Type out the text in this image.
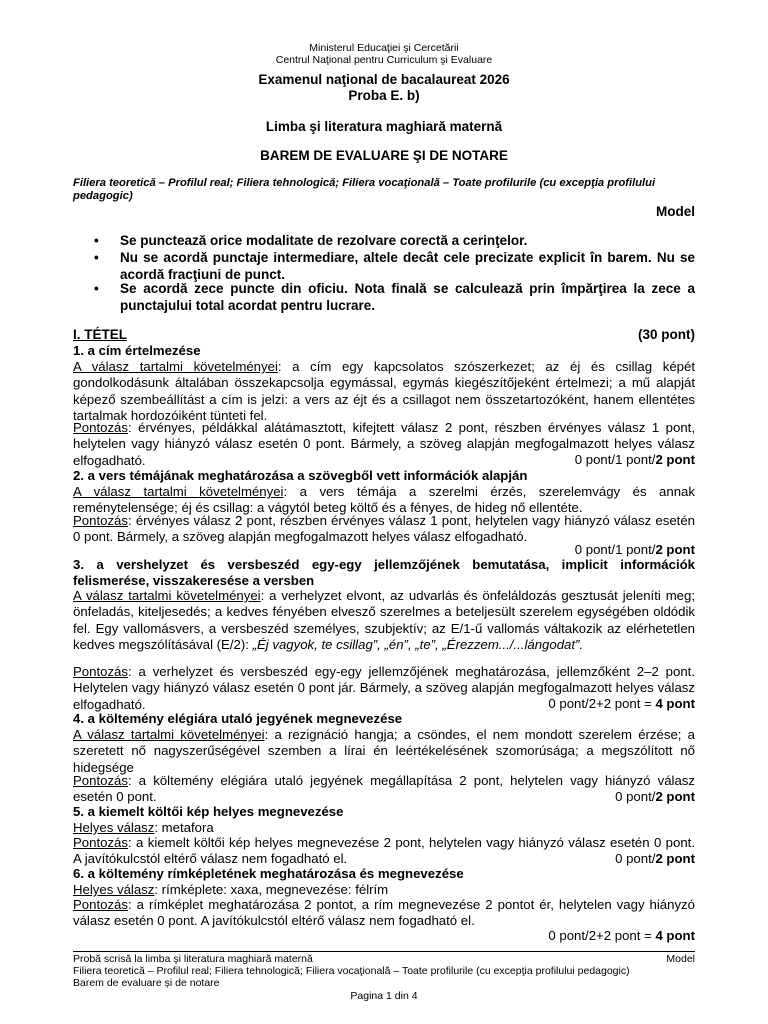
Ministerul Educaţiei şi Cercetării
Centrul Naţional pentru Curriculum şi Evaluare
Examenul naţional de bacalaureat 2026
Proba E. b)
Limba şi literatura maghiară maternă
BAREM DE EVALUARE ŞI DE NOTARE
Filiera teoretică – Profilul real; Filiera tehnologică; Filiera vocaţională – Toate profilurile (cu excepţia profilului pedagogic)
Model
• Se punctează orice modalitate de rezolvare corectă a cerinţelor.
• Nu se acordă punctaje intermediare, altele decât cele precizate explicit în barem. Nu se acordă fracţiuni de punct.
• Se acordă zece puncte din oficiu. Nota finală se calculează prin împărţirea la zece a punctajului total acordat pentru lucrare.
I. TÉTEL	(30 pont)
1. a cím értelmezése
A válasz tartalmi követelményei: a cím egy kapcsolatos szószerkezet; az éj és csillag képét gondolkodásunk általában összekapcsolja egymással, egymás kiegészítőjeként értelmezi; a mű alapját képező szembeállítást a cím is jelzi: a vers az éjt és a csillagot nem összetartozóként, hanem ellentétes tartalmak hordozóiként tünteti fel.
Pontozás: érvényes, példákkal alátámasztott, kifejtett válasz 2 pont, részben érvényes válasz 1 pont, helytelen vagy hiányzó válasz esetén 0 pont. Bármely, a szöveg alapján megfogalmazott helyes válasz elfogadható.	0 pont/1 pont/2 pont
2. a vers témájának meghatározása a szövegből vett információk alapján
A válasz tartalmi követelményei: a vers témája a szerelmi érzés, szerelemvágy és annak reménytelensége; éj és csillag: a vágytól beteg költő és a fényes, de hideg nő ellentéte.
Pontozás: érvényes válasz 2 pont, részben érvényes válasz 1 pont, helytelen vagy hiányzó válasz esetén 0 pont. Bármely, a szöveg alapján megfogalmazott helyes válasz elfogadható.
0 pont/1 pont/2 pont
3. a vershelyzet és versbeszéd egy-egy jellemzőjének bemutatása, implicit információk felismerése, visszakeresése a versben
A válasz tartalmi követelményei: a verhelyzet elvont, az udvarlás és önfeláldozás gesztusát jeleníti meg; önfeladás, kiteljesedés; a kedves fényében elvesző szerelmes a beteljesült szerelem egységében oldódik fel. Egy vallomásvers, a versbeszéd személyes, szubjektív; az E/1-ű vallomás váltakozik az elérhetetlen kedves megszólításával (E/2): „Éj vagyok, te csillag”, „én”, „te”, „Érezzem.../...lángodat”.
Pontozás: a verhelyzet és versbeszéd egy-egy jellemzőjének meghatározása, jellemzőként 2–2 pont. Helytelen vagy hiányzó válasz esetén 0 pont jár. Bármely, a szöveg alapján megfogalmazott helyes válasz elfogadható.	0 pont/2+2 pont = 4 pont
4. a költemény elégiára utaló jegyének megnevezése
A válasz tartalmi követelményei: a rezignáció hangja; a csöndes, el nem mondott szerelem érzése; a szeretett nő nagyszerűségével szemben a lírai én leértékelésének szomorúsága; a megszólított nő hidegsége
Pontozás: a költemény elégiára utaló jegyének megállapítása 2 pont, helytelen vagy hiányzó válasz esetén 0 pont.	0 pont/2 pont
5. a kiemelt költői kép helyes megnevezése
Helyes válasz: metafora
Pontozás: a kiemelt költői kép helyes megnevezése 2 pont, helytelen vagy hiányzó válasz esetén 0 pont. A javítókulcstól eltérő válasz nem fogadható el.	0 pont/2 pont
6. a költemény rímképletének meghatározása és megnevezése
Helyes válasz: rímképlete: xaxa, megnevezése: félrím
Pontozás: a rímképlet meghatározása 2 pontot, a rím megnevezése 2 pontot ér, helytelen vagy hiányzó válasz esetén 0 pont. A javítókulcstól eltérő válasz nem fogadható el.
0 pont/2+2 pont = 4 pont
Probă scrisă la limba şi literatura maghiară maternă	Model
Filiera teoretică – Profilul real; Filiera tehnologică; Filiera vocaţională – Toate profilurile (cu excepţia profilului pedagogic)
Barem de evaluare și de notare
Pagina 1 din 4
